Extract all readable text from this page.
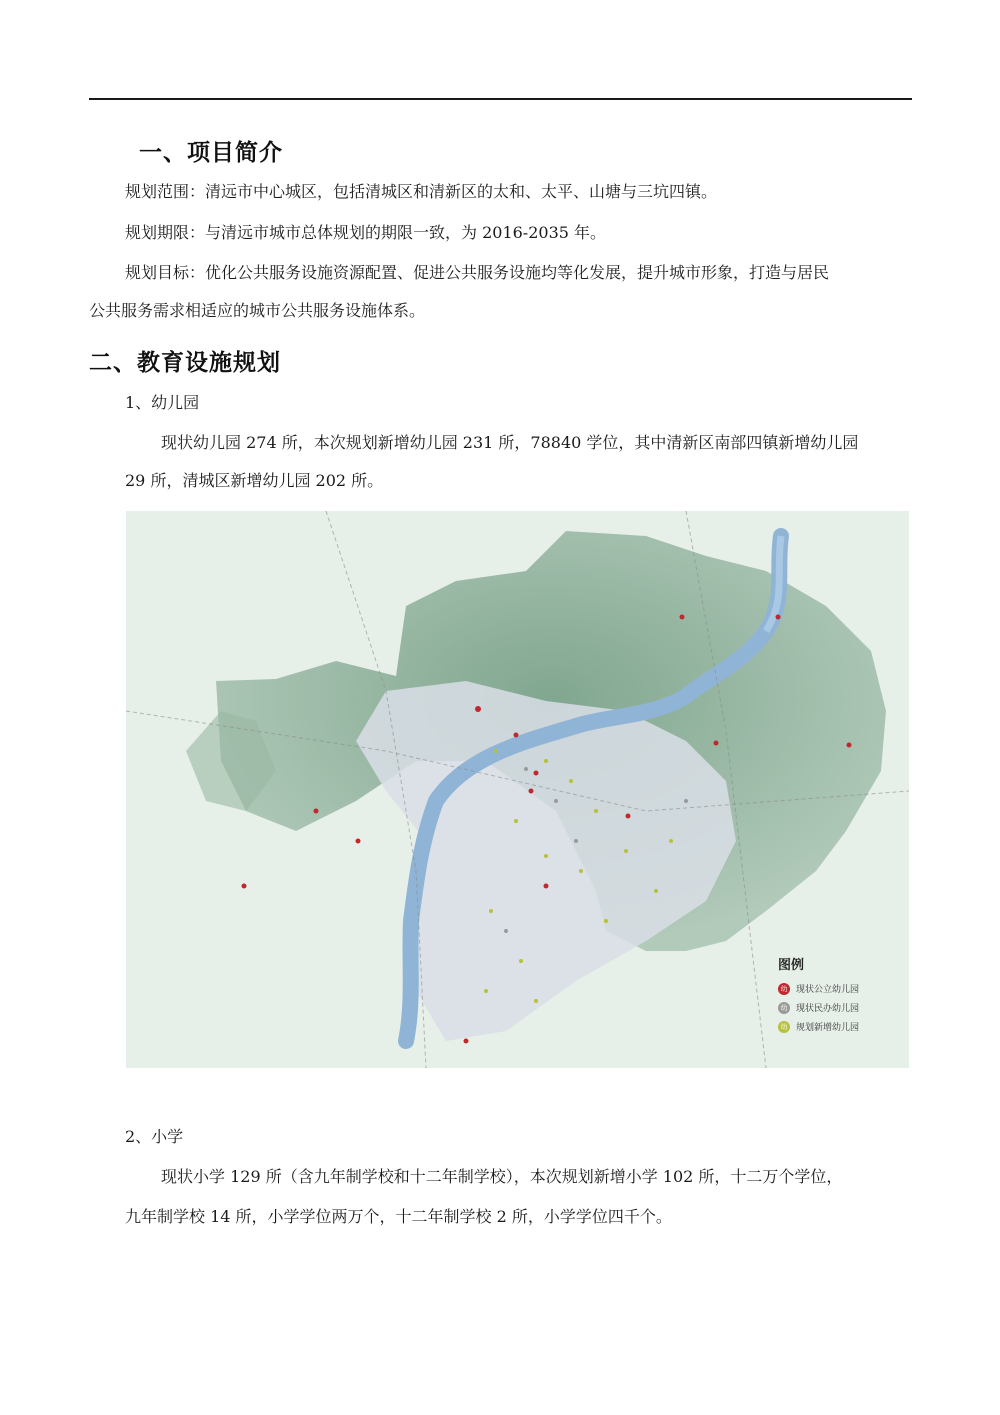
一、项目简介

规划范围：清远市中心城区，包括清城区和清新区的太和、太平、山塘与三坑四镇。

规划期限：与清远市城市总体规划的期限一致，为 2016-2035 年。

规划目标：优化公共服务设施资源配置、促进公共服务设施均等化发展，提升城市形象，打造与居民

公共服务需求相适应的城市公共服务设施体系。

二、教育设施规划

1、幼儿园

现状幼儿园 274 所，本次规划新增幼儿园 231 所，78840 学位，其中清新区南部四镇新增幼儿园

29 所，清城区新增幼儿园 202 所。

图例
幼 现状公立幼儿园
幼 现状民办幼儿园
幼 规划新增幼儿园

2、小学

现状小学 129 所（含九年制学校和十二年制学校），本次规划新增小学 102 所，十二万个学位，

九年制学校 14 所，小学学位两万个，十二年制学校 2 所，小学学位四千个。
